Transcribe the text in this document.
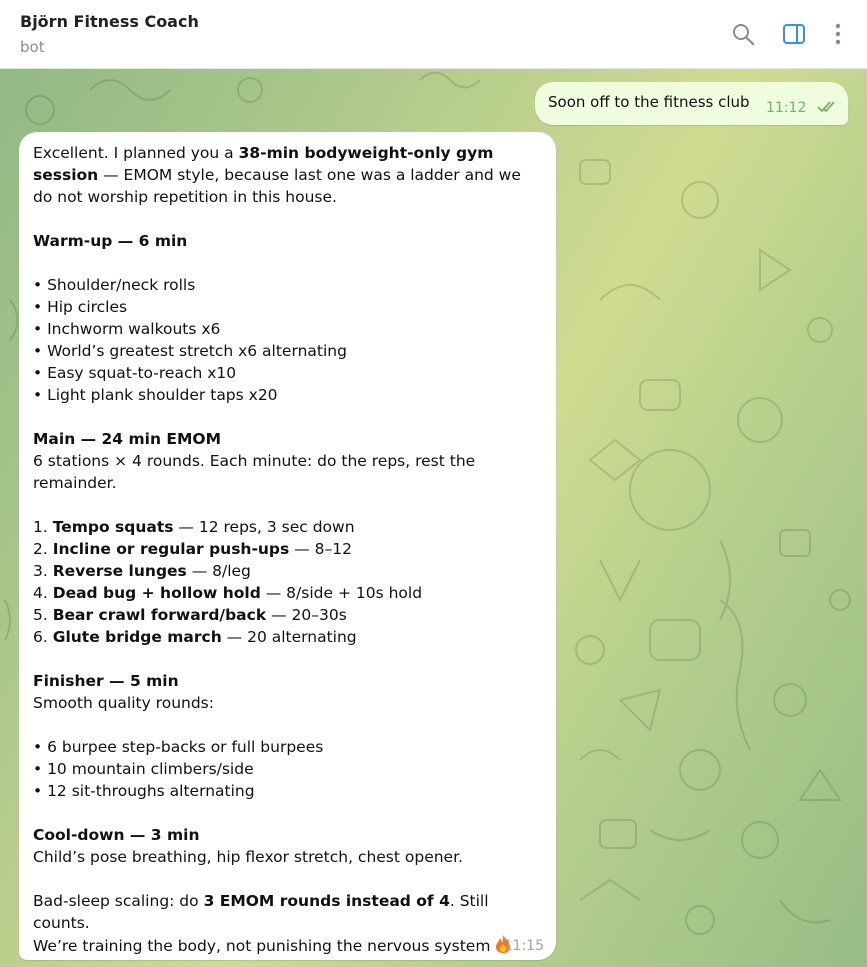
Björn Fitness Coach
bot
Soon off to the fitness club 11:12

Excellent. I planned you a 38-min bodyweight-only gym session — EMOM style, because last one was a ladder and we do not worship repetition in this house.

Warm-up — 6 min

• Shoulder/neck rolls

• Hip circles

• Inchworm walkouts x6

• World’s greatest stretch x6 alternating

• Easy squat-to-reach x10

• Light plank shoulder taps x20

Main — 24 min EMOM

6 stations × 4 rounds. Each minute: do the reps, rest the remainder.

1. Tempo squats — 12 reps, 3 sec down

2. Incline or regular push-ups — 8–12

3. Reverse lunges — 8/leg

4. Dead bug + hollow hold — 8/side + 10s hold

5. Bear crawl forward/back — 20–30s

6. Glute bridge march — 20 alternating

Finisher — 5 min

Smooth quality rounds:

• 6 burpee step-backs or full burpees

• 10 mountain climbers/side

• 12 sit-throughs alternating

Cool-down — 3 min

Child’s pose breathing, hip flexor stretch, chest opener.

Bad-sleep scaling: do 3 EMOM rounds instead of 4. Still counts.

We’re training the body, not punishing the nervous system 11:15
